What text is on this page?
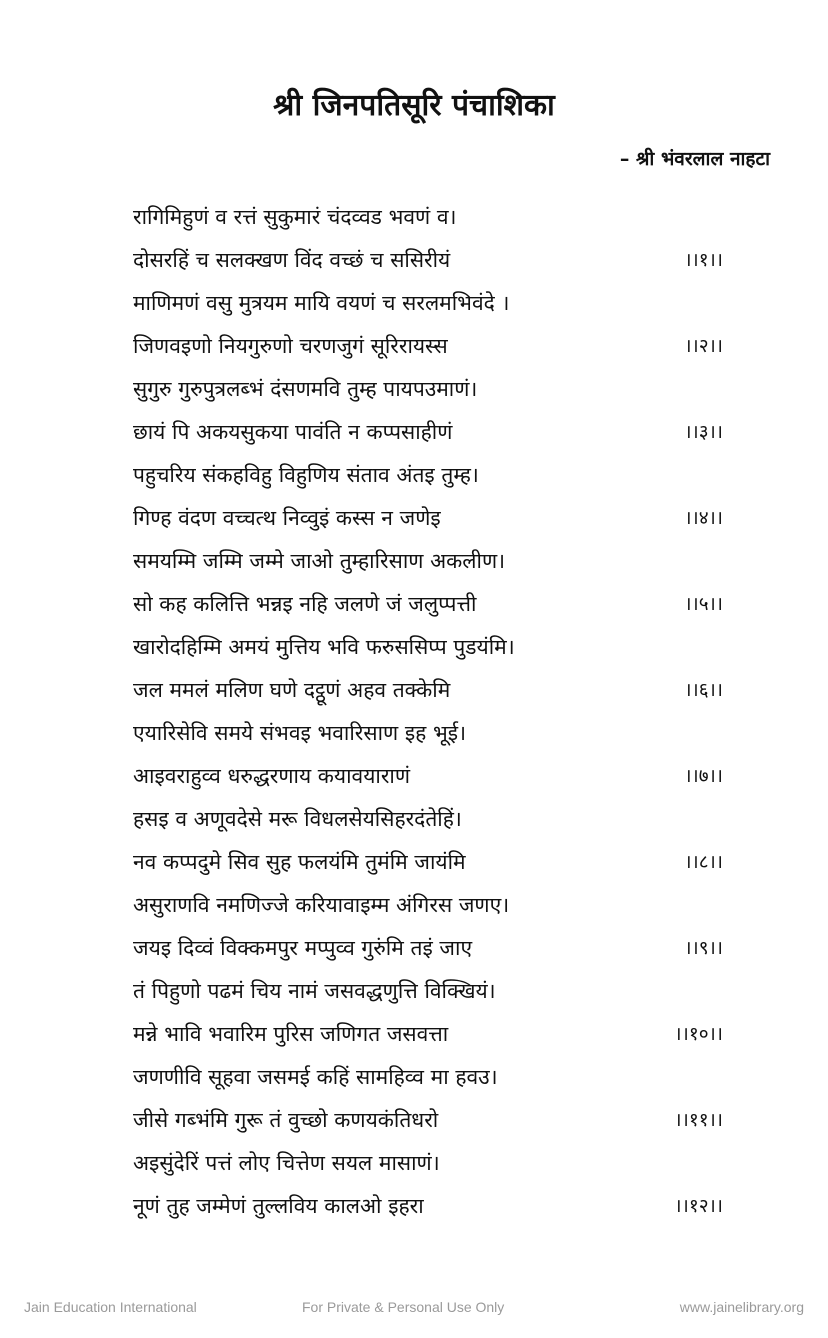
श्री जिनपतिसूरि पंचाशिका

– श्री भंवरलाल नाहटा

रागिमिहुणं व रत्तं सुकुमारं चंदव्वड भवणं व।
दोसरहिं च सलक्खण विंद वच्छं च ससिरीयं	।।१।।
माणिमणं वसु मुत्रयम मायि वयणं च सरलमभिवंदे ।
जिणवइणो नियगुरुणो चरणजुगं सूरिरायस्स	।।२।।
सुगुरु गुरुपुत्रलब्भं दंसणमवि तुम्ह पायपउमाणं।
छायं पि अकयसुकया पावंति न कप्पसाहीणं	।।३।।
पहुचरिय संकहविहु विहुणिय संताव अंतइ तुम्ह।
गिण्ह वंदण वच्चत्थ निव्वुइं कस्स न जणेइ	।।४।।
समयम्मि जम्मि जम्मे जाओ तुम्हारिसाण अकलीण।
सो कह कलित्ति भन्नइ नहि जलणे जं जलुप्पत्ती	।।५।।
खारोदहिम्मि अमयं मुत्तिय भवि फरुससिप्प पुडयंमि।
जल ममलं मलिण घणे दट्ठूणं अहव तक्केमि	।।६।।
एयारिसेवि समये संभवइ भवारिसाण इह भूई।
आइवराहुव्व धरुद्धरणाय कयावयाराणं	।।७।।
हसइ व अणूवदेसे मरू विधलसेयसिहरदंतेहिं।
नव कप्पदुमे सिव सुह फलयंमि तुमंमि जायंमि	।।८।।
असुराणवि नमणिज्जे करियावाइम्म अंगिरस जणए।
जयइ दिव्वं विक्कमपुर मप्पुव्व गुरुंमि तइं जाए	।।९।।
तं पिहुणो पढमं चिय नामं जसवद्धणुत्ति विक्खियं।
मन्ने भावि भवारिम पुरिस जणिगत जसवत्ता	।।१०।।
जणणीवि सूहवा जसमई कहिं सामहिव्व मा हवउ।
जीसे गब्भंमि गुरू तं वुच्छो कणयकंतिधरो	।।११।।
अइसुंदेरिं पत्तं लोए चित्तेण सयल मासाणं।
नूणं तुह जम्मेणं तुल्लविय कालओ इहरा	।।१२।।
Jain Education International	For Private & Personal Use Only	www.jainelibrary.org
